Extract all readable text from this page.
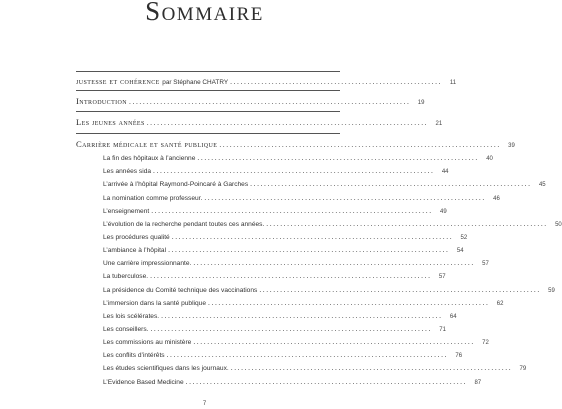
Sommaire
justesse et cohérence par Stéphane CHATRY .............................................................	11
Introduction .................................................................................	19
Les jeunes années .................................................................................	21
Carrière médicale et santé publique .................................................................................	39
La fin des hôpitaux à l’ancienne .................................................................................	40
Les années sida .................................................................................	44
L’arrivée à l’hôpital Raymond-Poincaré à Garches .................................................................................	45
La nomination comme professeur. .................................................................................	46
L’enseignement .................................................................................	49
L’évolution de la recherche pendant toutes ces années. .................................................................................	50
Les procédures qualité .................................................................................	52
L’ambiance à l’hôpital .................................................................................	54
Une carrière impressionnante. .................................................................................	57
La tuberculose. .................................................................................	57
La présidence du Comité technique des vaccinations .................................................................................	59
L’immersion dans la santé publique .................................................................................	62
Les lois scélérates. .................................................................................	64
Les conseillers. .................................................................................	71
Les commissions au ministère .................................................................................	72
Les conflits d’intérêts .................................................................................	76
Les études scientifiques dans les journaux. .................................................................................	79
L’Evidence Based Medicine .................................................................................	87
7
